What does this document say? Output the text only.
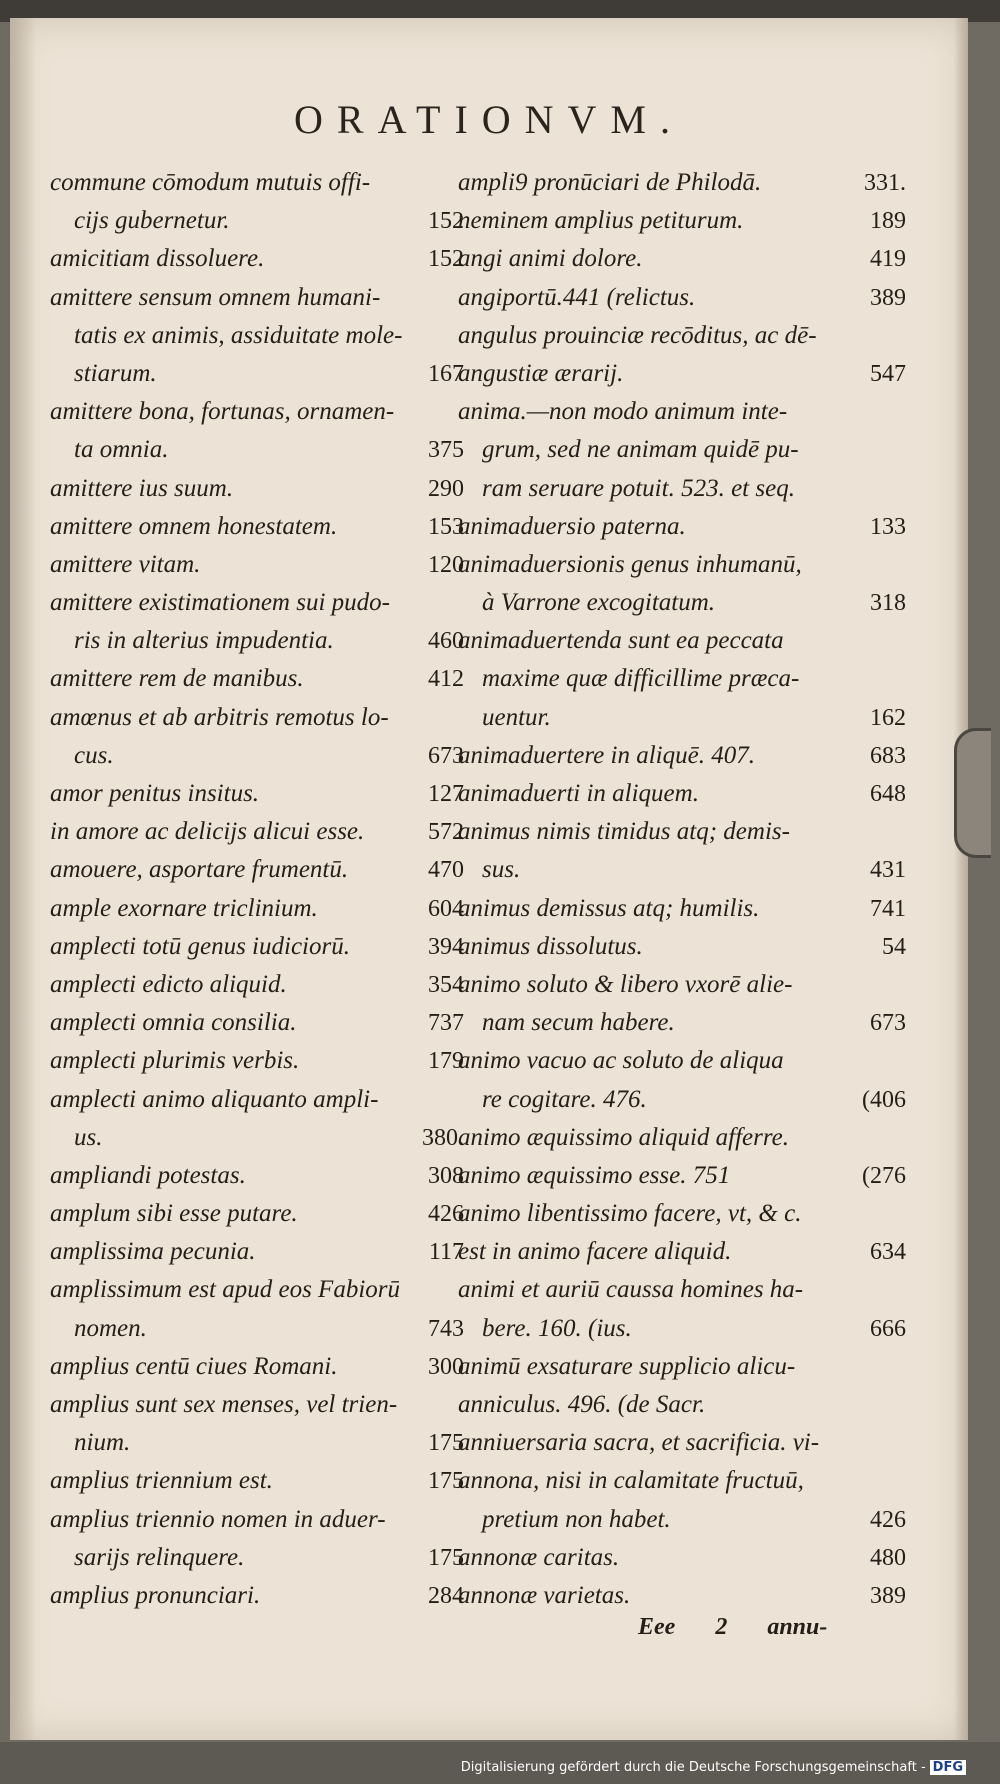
ORATIONVM.
commune cōmodum mutuis offi-
cijs gubernetur.	152
amicitiam dissoluere.	152
amittere sensum omnem humani-
tatis ex animis, assiduitate mole-
stiarum.	167
amittere bona, fortunas, ornamen-
ta omnia.	375
amittere ius suum.	290
amittere omnem honestatem.	153
amittere vitam.	120
amittere existimationem sui pudo-
ris in alterius impudentia.	460
amittere rem de manibus.	412
amœnus et ab arbitris remotus lo-
cus.	673
amor penitus insitus.	127
in amore ac delicijs alicui esse.	572
amouere, asportare frumentū.	470
ample exornare triclinium.	604
amplecti totū genus iudiciorū.	394
amplecti edicto aliquid.	354
amplecti omnia consilia.	737
amplecti plurimis verbis.	179
amplecti animo aliquanto ampli-
us.	380.
ampliandi potestas.	308
amplum sibi esse putare.	426
amplissima pecunia.	117
amplissimum est apud eos Fabiorū
nomen.	743
amplius centū ciues Romani.	300
amplius sunt sex menses, vel trien-
nium.	175
amplius triennium est.	175
amplius triennio nomen in aduer-
sarijs relinquere.	175
amplius pronunciari.	284
ampli9 pronūciari de Philodā.	331.
neminem amplius petiturum.	189
angi animi dolore.	419
angiportū.441 (relictus.	389
angulus prouinciæ recōditus, ac dē-
angustiæ ærarij.	547
anima.—non modo animum inte-
grum, sed ne animam quidē pu-
ram seruare potuit. 523. et seq.
animaduersio paterna.	133
animaduersionis genus inhumanū,
à Varrone excogitatum.	318
animaduertenda sunt ea peccata
maxime quæ difficillime præca-
uentur.	162
animaduertere in aliquē. 407.	683
animaduerti in aliquem.	648
animus nimis timidus atq; demis-
sus.	431
animus demissus atq; humilis.	741
animus dissolutus.	54
animo soluto & libero vxorē alie-
nam secum habere.	673
animo vacuo ac soluto de aliqua
re cogitare. 476.	(406
animo æquissimo aliquid afferre.
animo æquissimo esse. 751	(276
animo libentissimo facere, vt, & c.
est in animo facere aliquid.	634
animi et auriū caussa homines ha-
bere. 160. (ius.	666
animū exsaturare supplicio alicu-
anniculus. 496. (de Sacr.
anniuersaria sacra, et sacrificia. vi-
annona, nisi in calamitate fructuū,
pretium non habet.	426
annonæ caritas.	480
annonæ varietas.	389
Eee 2 annu-
Digitalisierung gefördert durch die Deutsche Forschungsgemeinschaft - DFG
